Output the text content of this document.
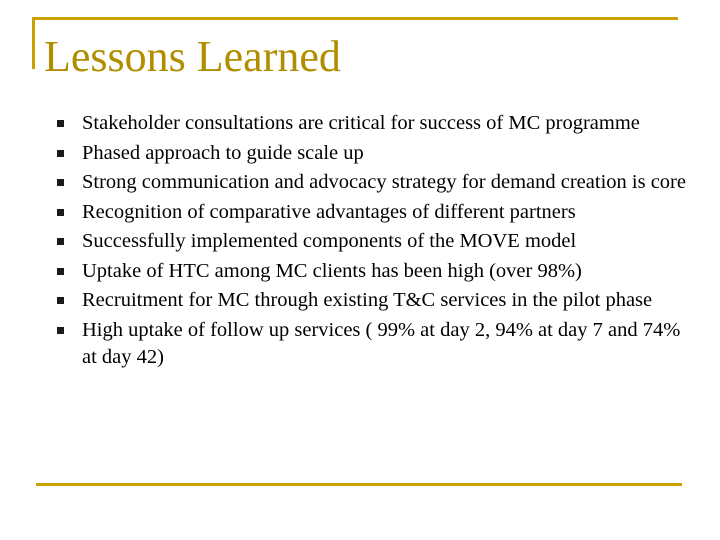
Lessons Learned
Stakeholder consultations are critical for success of MC programme
Phased approach to guide scale up
Strong communication and advocacy strategy for demand creation is core
Recognition of comparative advantages of different partners
Successfully implemented components of the MOVE model
Uptake of HTC among MC clients has been high (over 98%)
Recruitment for MC through existing T&C services in the pilot phase
High uptake of follow up services ( 99% at day 2, 94% at day 7 and 74% at day 42)
